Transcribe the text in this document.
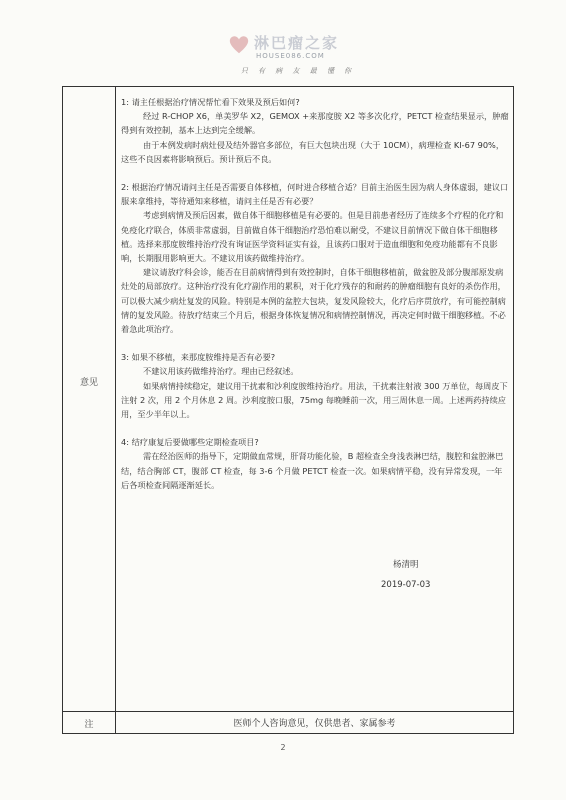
淋巴瘤之家
HOUSE086.COM
只 有 病 友 最 懂 你
意见
1: 请主任根据治疗情况帮忙看下效果及预后如何?
经过 R-CHOP X6，单美罗华 X2，GEMOX +来那度胺 X2 等多次化疗，PETCT 检查结果显示，肿瘤得到有效控制，基本上达到完全缓解。
由于本例发病时病灶侵及结外器官多部位，有巨大包块出现（大于 10CM），病理检查 KI-67 90%，这些不良因素将影响预后。预计预后不良。
2: 根据治疗情况请问主任是否需要自体移植，何时进合移植合适？目前主治医生因为病人身体虚弱，建议口服来拿维持，等待通知来移植，请问主任是否有必要？
考虑到病情及预后因素，做自体干细胞移植是有必要的。但是目前患者经历了连续多个疗程的化疗和免疫化疗联合，体质非常虚弱，目前做自体干细胞治疗恐怕难以耐受，不建议目前情况下做自体干细胞移植。选择来那度胺维持治疗没有询证医学资料证实有益，且该药口服对于造血细胞和免疫功能都有不良影响，长期服用影响更大。不建议用该药做维持治疗。
建议请放疗科会诊，能否在目前病情得到有效控制时，自体干细胞移植前，做盆腔及部分腹部原发病灶处的局部放疗。这种治疗没有化疗副作用的累积，对于化疗残存的和耐药的肿瘤细胞有良好的杀伤作用，可以极大减少病灶复发的风险。特别是本例的盆腔大包块，复发风险较大，化疗后序贯放疗，有可能控制病情的复发风险。待放疗结束三个月后，根据身体恢复情况和病情控制情况，再决定何时做干细胞移植。不必着急此项治疗。
3: 如果不移植，来那度胺维持是否有必要?
不建议用该药做维持治疗。理由已经叙述。
如果病情持续稳定，建议用干扰素和沙利度胺维持治疗。用法，干扰素注射液 300 万单位，每周皮下注射 2 次，用 2 个月休息 2 周。沙利度胺口服，75mg 每晚睡前一次，用三周休息一周。上述两药持续应用，至少半年以上。
4: 结疗康复后要做哪些定期检查项目?
需在经治医师的指导下，定期做血常规，肝肾功能化验，B 超检查全身浅表淋巴结，腹腔和盆腔淋巴结，结合胸部 CT，腹部 CT 检查，每 3-6 个月做 PETCT 检查一次。如果病情平稳，没有异常发现，一年后各项检查间隔逐渐延长。
杨清明
2019-07-03
注	医师个人咨询意见，仅供患者、家属参考
2
